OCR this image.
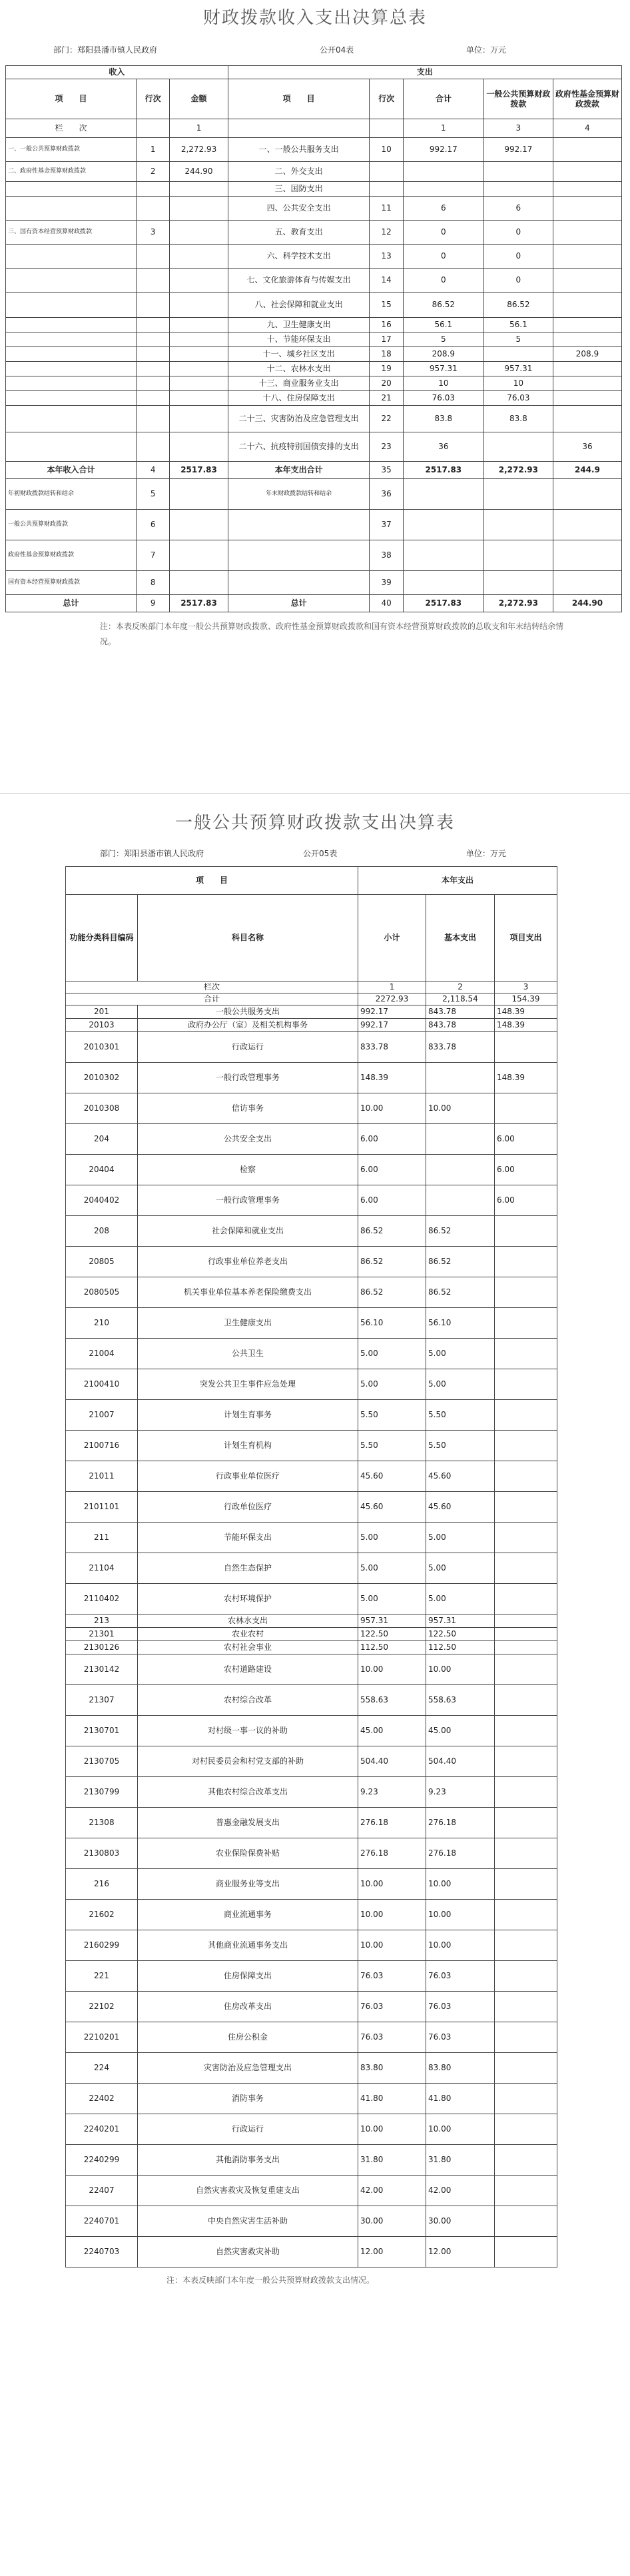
财政拨款收入支出决算总表
部门：郑阳县潘市镇人民政府	公开04表	单位：万元
收入			支出				
项　　目	行次	金额	项　　目	行次	合计	一般公共预算财政拨款	政府性基金预算财政拨款
栏　　次		1			1	3	4
一、一般公共预算财政拨款	1	2,272.93	一、一般公共服务支出	10	992.17	992.17	
二、政府性基金预算财政拨款	2	244.90	二、外交支出				
			三、国防支出				
			四、公共安全支出	11	6	6	
三、国有资本经营预算财政拨款	3		五、教育支出	12	0	0	
			六、科学技术支出	13	0	0	
			七、文化旅游体育与传媒支出	14	0	0	
			八、社会保障和就业支出	15	86.52	86.52	
			九、卫生健康支出	16	56.1	56.1	
			十、节能环保支出	17	5	5	
			十一、城乡社区支出	18	208.9		208.9
			十二、农林水支出	19	957.31	957.31	
			十三、商业服务业支出	20	10	10	
			十八、住房保障支出	21	76.03	76.03	
			二十三、灾害防治及应急管理支出	22	83.8	83.8	
			二十六、抗疫特别国债安排的支出	23	36		36
本年收入合计	4	2517.83	本年支出合计	35	2517.83	2,272.93	244.9
年初财政拨款结转和结余	5		年末财政拨款结转和结余	36			
一般公共预算财政拨款	6			37			
政府性基金预算财政拨款	7			38			
国有资本经营预算财政拨款	8			39			
总计	9	2517.83	总计	40	2517.83	2,272.93	244.90
注：本表反映部门本年度一般公共预算财政拨款、政府性基金预算财政拨款和国有资本经营预算财政拨款的总收支和年末结转结余情况。
一般公共预算财政拨款支出决算表
部门：郑阳县潘市镇人民政府	公开05表	单位：万元
项　　目		本年支出		
功能分类科目编码	科目名称	小计	基本支出	项目支出
栏次		1	2	3
合计		2272.93	2,118.54	154.39
201	一般公共服务支出	992.17	843.78	148.39
20103	政府办公厅（室）及相关机构事务	992.17	843.78	148.39
2010301	行政运行	833.78	833.78	
2010302	一般行政管理事务	148.39		148.39
2010308	信访事务	10.00	10.00	
204	公共安全支出	6.00		6.00
20404	检察	6.00		6.00
2040402	一般行政管理事务	6.00		6.00
208	社会保障和就业支出	86.52	86.52	
20805	行政事业单位养老支出	86.52	86.52	
2080505	机关事业单位基本养老保险缴费支出	86.52	86.52	
210	卫生健康支出	56.10	56.10	
21004	公共卫生	5.00	5.00	
2100410	突发公共卫生事件应急处理	5.00	5.00	
21007	计划生育事务	5.50	5.50	
2100716	计划生育机构	5.50	5.50	
21011	行政事业单位医疗	45.60	45.60	
2101101	行政单位医疗	45.60	45.60	
211	节能环保支出	5.00	5.00	
21104	自然生态保护	5.00	5.00	
2110402	农村环境保护	5.00	5.00	
213	农林水支出	957.31	957.31	
21301	农业农村	122.50	122.50	
2130126	农村社会事业	112.50	112.50	
2130142	农村道路建设	10.00	10.00	
21307	农村综合改革	558.63	558.63	
2130701	对村级一事一议的补助	45.00	45.00	
2130705	对村民委员会和村党支部的补助	504.40	504.40	
2130799	其他农村综合改革支出	9.23	9.23	
21308	普惠金融发展支出	276.18	276.18	
2130803	农业保险保费补贴	276.18	276.18	
216	商业服务业等支出	10.00	10.00	
21602	商业流通事务	10.00	10.00	
2160299	其他商业流通事务支出	10.00	10.00	
221	住房保障支出	76.03	76.03	
22102	住房改革支出	76.03	76.03	
2210201	住房公积金	76.03	76.03	
224	灾害防治及应急管理支出	83.80	83.80	
22402	消防事务	41.80	41.80	
2240201	行政运行	10.00	10.00	
2240299	其他消防事务支出	31.80	31.80	
22407	自然灾害救灾及恢复重建支出	42.00	42.00	
2240701	中央自然灾害生活补助	30.00	30.00	
2240703	自然灾害救灾补助	12.00	12.00	
注：本表反映部门本年度一般公共预算财政拨款支出情况。
